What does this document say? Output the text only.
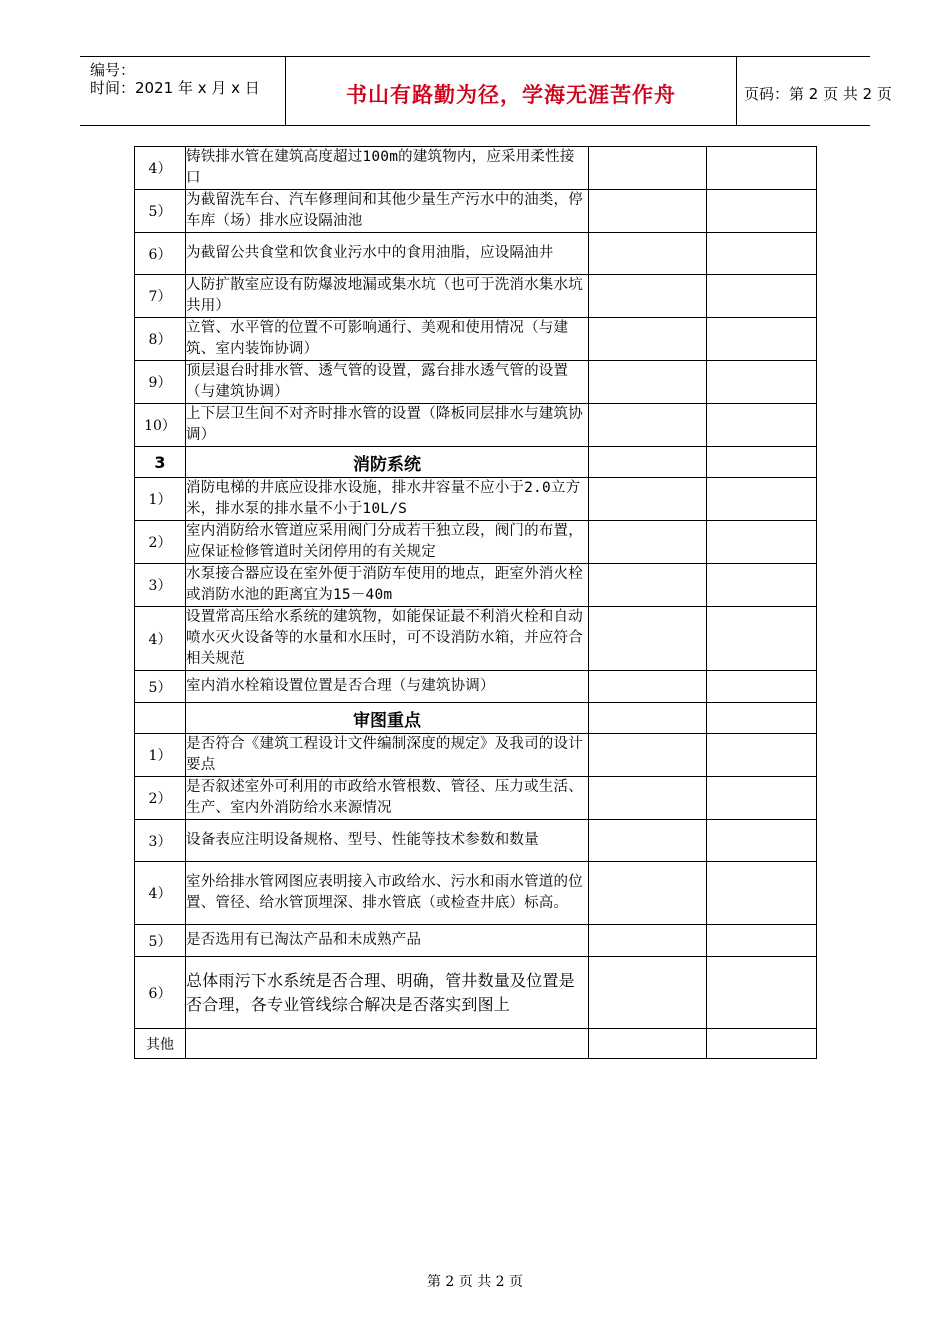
编号：
时间：2021 年 x 月 x 日	书山有路勤为径，学海无涯苦作舟	页码：第 2 页 共 2 页
4）	铸铁排水管在建筑高度超过100m的建筑物内，应采用柔性接口		
5）	为截留洗车台、汽车修理间和其他少量生产污水中的油类，停车库（场）排水应设隔油池		
6）	为截留公共食堂和饮食业污水中的食用油脂，应设隔油井		
7）	人防扩散室应设有防爆波地漏或集水坑（也可于洗消水集水坑共用）		
8）	立管、水平管的位置不可影响通行、美观和使用情况（与建筑、室内装饰协调）		
9）	顶层退台时排水管、透气管的设置，露台排水透气管的设置（与建筑协调）		
10）	上下层卫生间不对齐时排水管的设置（降板同层排水与建筑协调）		
3	消防系统		
1）	消防电梯的井底应设排水设施，排水井容量不应小于2.0立方米，排水泵的排水量不小于10L/S		
2）	室内消防给水管道应采用阀门分成若干独立段，阀门的布置，应保证检修管道时关闭停用的有关规定		
3）	水泵接合器应设在室外便于消防车使用的地点，距室外消火栓或消防水池的距离宜为15－40m		
4）	设置常高压给水系统的建筑物，如能保证最不利消火栓和自动喷水灭火设备等的水量和水压时，可不设消防水箱，并应符合相关规范		
5）	室内消水栓箱设置位置是否合理（与建筑协调）		
	审图重点		
1）	是否符合《建筑工程设计文件编制深度的规定》及我司的设计要点		
2）	是否叙述室外可利用的市政给水管根数、管径、压力或生活、生产、室内外消防给水来源情况		
3）	设备表应注明设备规格、型号、性能等技术参数和数量		
4）	室外给排水管网图应表明接入市政给水、污水和雨水管道的位置、管径、给水管顶埋深、排水管底（或检查井底）标高。		
5）	是否选用有已淘汰产品和未成熟产品		
6）	总体雨污下水系统是否合理、明确，管井数量及位置是否合理，各专业管线综合解决是否落实到图上		
其他			
第 2 页 共 2 页
